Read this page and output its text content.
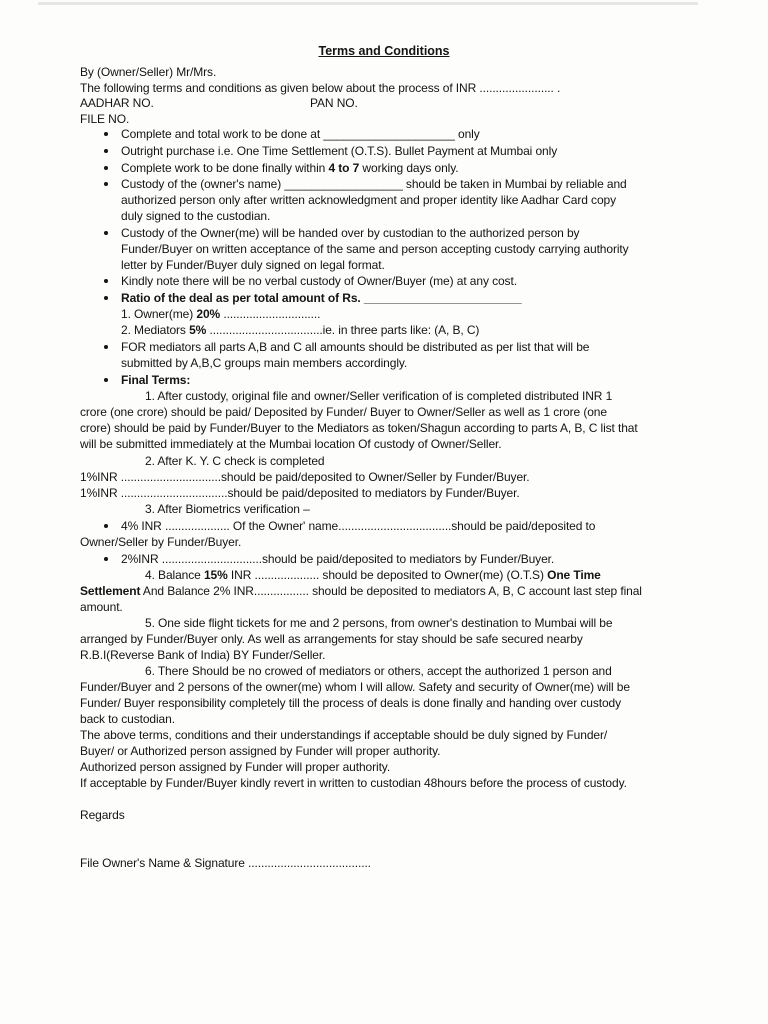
Terms and Conditions
By (Owner/Seller) Mr/Mrs.
The following terms and conditions as given below about the process of INR ....................... .
AADHAR NO.	PAN NO.
FILE NO.
Complete and total work to be done at ____________________ only
Outright purchase i.e. One Time Settlement (O.T.S). Bullet Payment at Mumbai only
Complete work to be done finally within 4 to 7 working days only.
Custody of the (owner's name) __________________ should be taken in Mumbai by reliable and
authorized person only after written acknowledgment and proper identity like Aadhar Card copy
duly signed to the custodian.
Custody of the Owner(me) will be handed over by custodian to the authorized person by
Funder/Buyer on written acceptance of the same and person accepting custody carrying authority
letter by Funder/Buyer duly signed on legal format.
Kindly note there will be no verbal custody of Owner/Buyer (me) at any cost.
Ratio of the deal as per total amount of Rs. ________________________
1. Owner(me) 20% ..............................
2. Mediators 5% ...................................ie. in three parts like: (A, B, C)
FOR mediators all parts A,B and C all amounts should be distributed as per list that will be
submitted by A,B,C groups main members accordingly.
Final Terms:
1. After custody, original file and owner/Seller verification of is completed distributed INR 1
crore (one crore) should be paid/ Deposited by Funder/ Buyer to Owner/Seller as well as 1 crore (one
crore) should be paid by Funder/Buyer to the Mediators as token/Shagun according to parts A, B, C list that
will be submitted immediately at the Mumbai location Of custody of Owner/Seller.
2. After K. Y. C check is completed
1%INR ...............................should be paid/deposited to Owner/Seller by Funder/Buyer.
1%INR .................................should be paid/deposited to mediators by Funder/Buyer.
3. After Biometrics verification –
4% INR .................... Of the Owner' name...................................should be paid/deposited to
Owner/Seller by Funder/Buyer.
2%INR ...............................should be paid/deposited to mediators by Funder/Buyer.
4. Balance 15% INR .................... should be deposited to Owner(me) (O.T.S) One Time
Settlement And Balance 2% INR................. should be deposited to mediators A, B, C account last step final
amount.
5. One side flight tickets for me and 2 persons, from owner's destination to Mumbai will be
arranged by Funder/Buyer only. As well as arrangements for stay should be safe secured nearby
R.B.I(Reverse Bank of India) BY Funder/Seller.
6. There Should be no crowed of mediators or others, accept the authorized 1 person and
Funder/Buyer and 2 persons of the owner(me) whom I will allow. Safety and security of Owner(me) will be
Funder/ Buyer responsibility completely till the process of deals is done finally and handing over custody
back to custodian.
The above terms, conditions and their understandings if acceptable should be duly signed by Funder/
Buyer/ or Authorized person assigned by Funder will proper authority.
Authorized person assigned by Funder will proper authority.
If acceptable by Funder/Buyer kindly revert in written to custodian 48hours before the process of custody.
Regards
File Owner's Name & Signature ......................................
